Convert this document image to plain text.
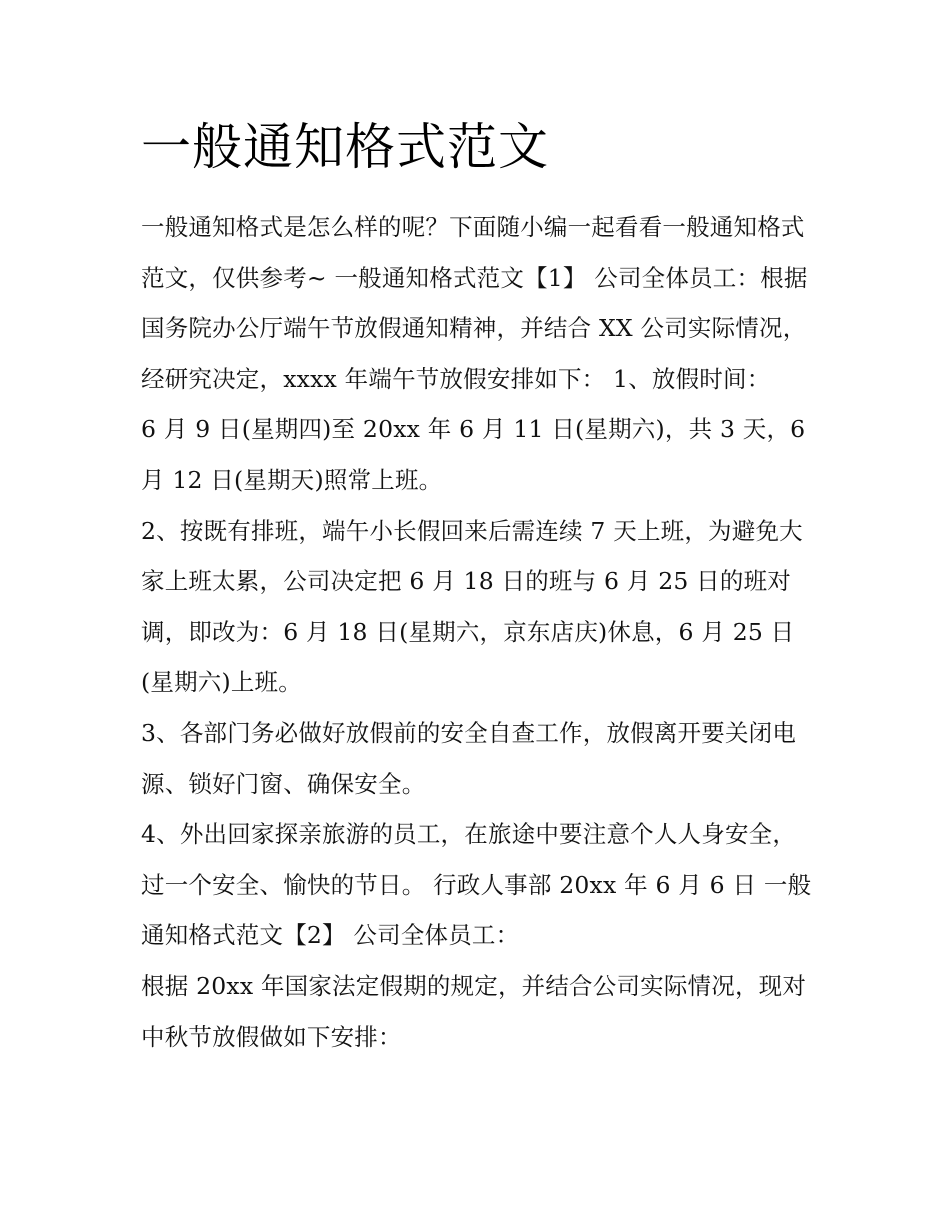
一般通知格式范文

一般通知格式是怎么样的呢？下面随小编一起看看一般通知格式范文，仅供参考~ 一般通知格式范文【1】 公司全体员工：根据国务院办公厅端午节放假通知精神，并结合 XX 公司实际情况，经研究决定，xxxx 年端午节放假安排如下： 1、放假时间：

6 月 9 日(星期四)至 20xx 年 6 月 11 日(星期六)，共 3 天，6 月 12 日(星期天)照常上班。

2、按既有排班，端午小长假回来后需连续 7 天上班，为避免大家上班太累，公司决定把 6 月 18 日的班与 6 月 25 日的班对调，即改为：6 月 18 日(星期六，京东店庆)休息，6 月 25 日(星期六)上班。

3、各部门务必做好放假前的安全自查工作，放假离开要关闭电源、锁好门窗、确保安全。

4、外出回家探亲旅游的员工，在旅途中要注意个人人身安全，过一个安全、愉快的节日。 行政人事部 20xx 年 6 月 6 日 一般通知格式范文【2】 公司全体员工：

根据 20xx 年国家法定假期的规定，并结合公司实际情况，现对中秋节放假做如下安排：
